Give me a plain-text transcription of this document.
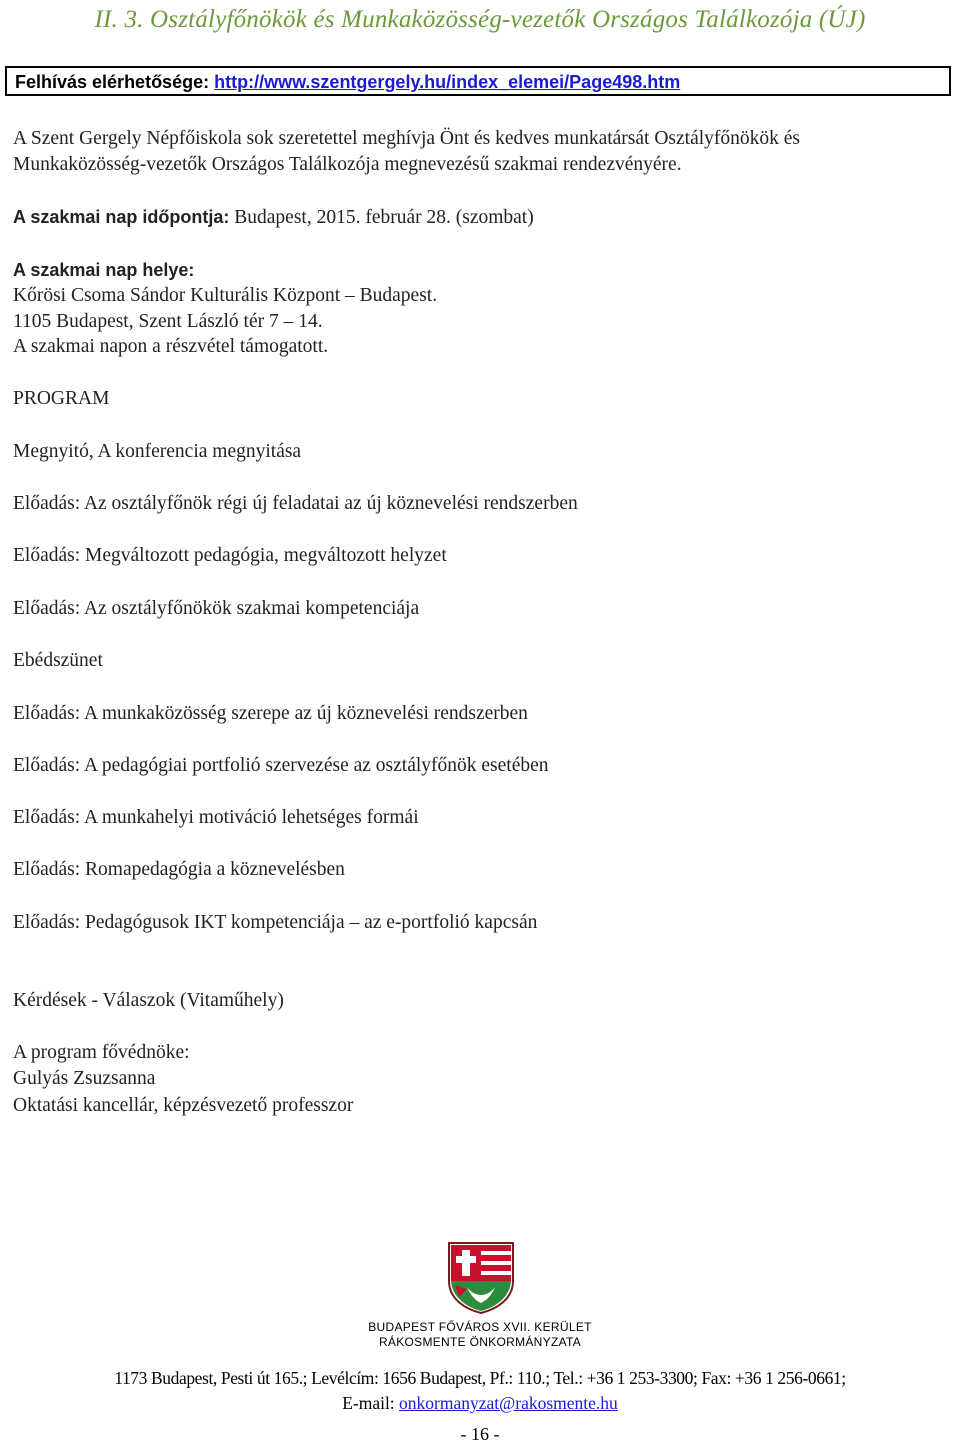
II. 3. Osztályfőnökök és Munkaközösség-vezetők Országos Találkozója (ÚJ)
Felhívás elérhetősége: http://www.szentgergely.hu/index_elemei/Page498.htm
A Szent Gergely Népfőiskola sok szeretettel meghívja Önt és kedves munkatársát Osztályfőnökök és
Munkaközösség-vezetők Országos Találkozója megnevezésű szakmai rendezvényére.
A szakmai nap időpontja: Budapest, 2015. február 28. (szombat)
A szakmai nap helye:
Kőrösi Csoma Sándor Kulturális Központ – Budapest.
1105 Budapest, Szent László tér 7 – 14.
A szakmai napon a részvétel támogatott.
PROGRAM
Megnyitó, A konferencia megnyitása
Előadás: Az osztályfőnök régi új feladatai az új köznevelési rendszerben
Előadás: Megváltozott pedagógia, megváltozott helyzet
Előadás: Az osztályfőnökök szakmai kompetenciája
Ebédszünet
Előadás: A munkaközösség szerepe az új köznevelési rendszerben
Előadás: A pedagógiai portfolió szervezése az osztályfőnök esetében
Előadás: A munkahelyi motiváció lehetséges formái
Előadás: Romapedagógia a köznevelésben
Előadás: Pedagógusok IKT kompetenciája – az e-portfolió kapcsán
Kérdések - Válaszok (Vitaműhely)
A program fővédnöke:
Gulyás Zsuzsanna
Oktatási kancellár, képzésvezető professzor
BUDAPEST FŐVÁROS XVII. KERÜLET
RÁKOSMENTE ÖNKORMÁNYZATA
1173 Budapest, Pesti út 165.; Levélcím: 1656 Budapest, Pf.: 110.; Tel.: +36 1 253-3300; Fax: +36 1 256-0661;
E-mail: onkormanyzat@rakosmente.hu
- 16 -
